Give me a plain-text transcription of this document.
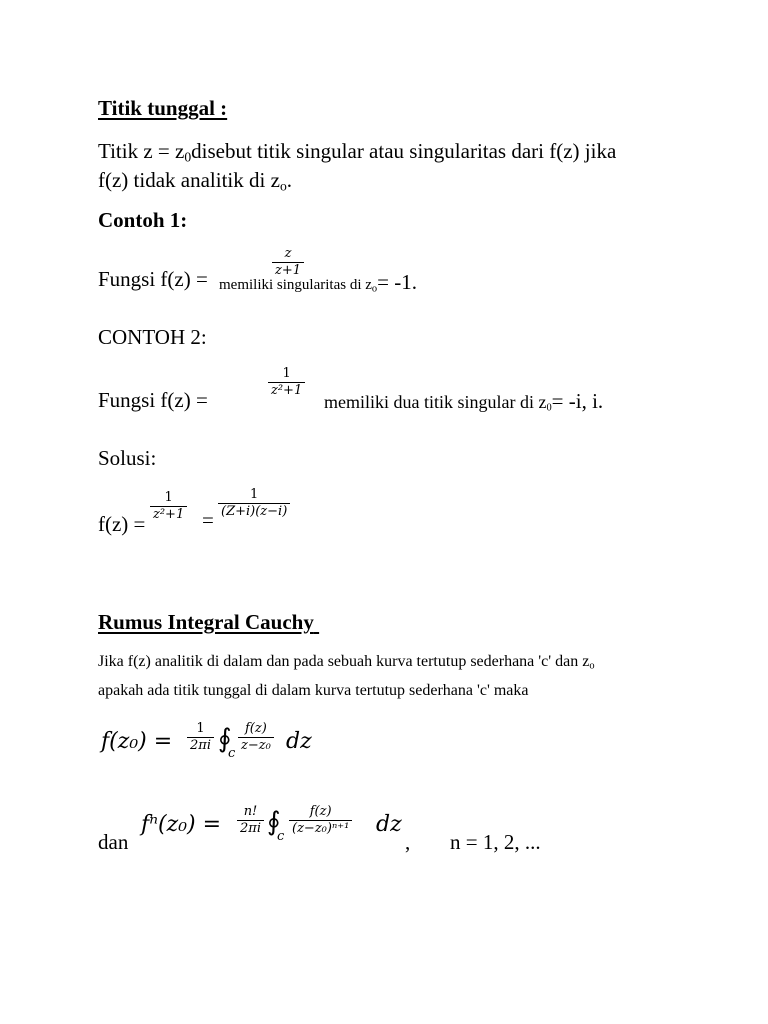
Titik tunggal :
Titik $z = z_0disebut$ titik singular atau singularitas dari f(z) jika
f(z) tidak analitik di $z_o$.
Contoh 1:
Fungsi f(z) =
z
z+1
memiliki singularitas di $z_o= -1$.
CONTOH 2:
Fungsi f(z) =
1
z²+1
memiliki dua titik singular di $z_0= -i$, i.
Solusi:
f(z) =
1
z²+1 =
1
(Z+i)(z−i)
Rumus Integral Cauchy
Jika f(z) analitik di dalam dan pada sebuah kurva tertutup sederhana 'c' dan $z_o$
apakah ada titik tunggal di dalam kurva tertutup sederhana 'c' maka
f(z₀) =
1
2πi ∮
c
f(z)
z−z₀ dz
dan
fⁿ(z₀) =
n!
2πi ∮
c
f(z)
(z−z₀)ⁿ⁺¹ dz
, n = 1, 2, ...
